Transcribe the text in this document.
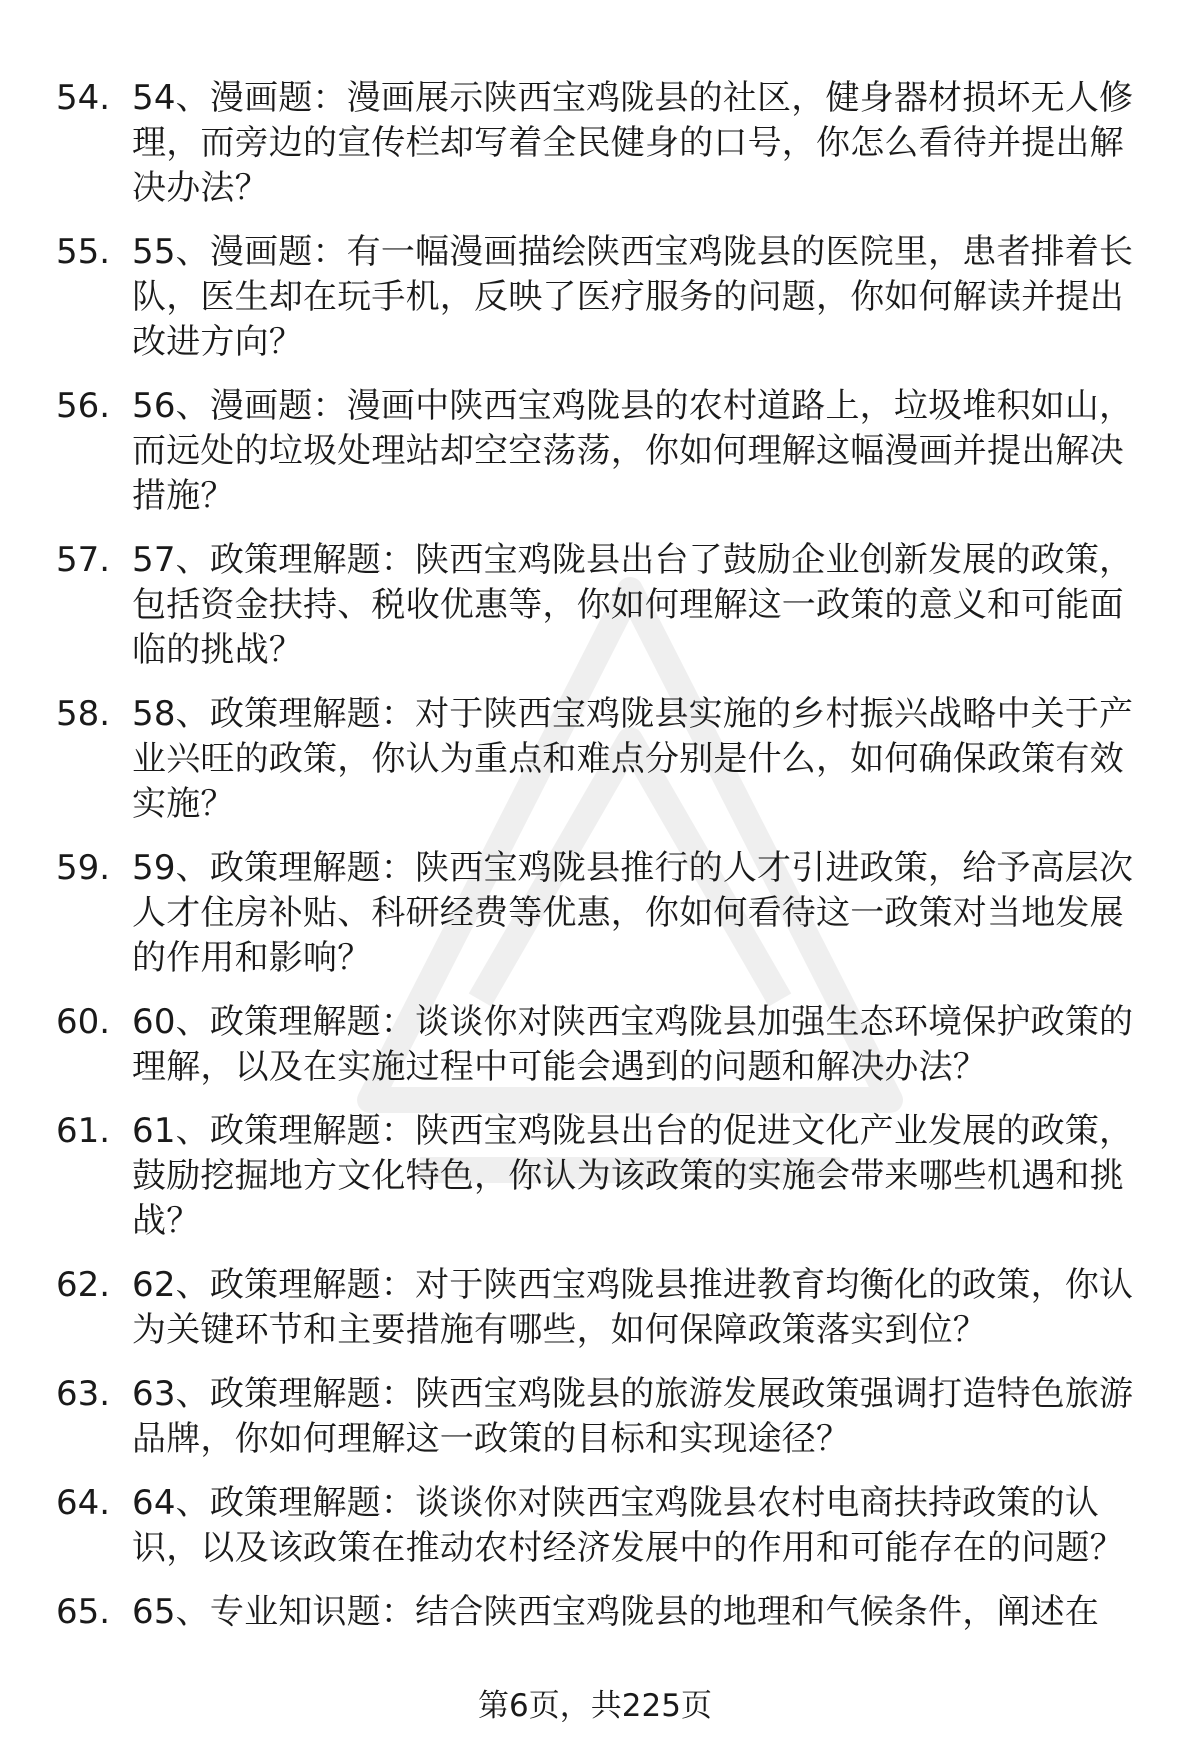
54. 54、漫画题：漫画展示陕西宝鸡陇县的社区，健身器材损坏无人修理，而旁边的宣传栏却写着全民健身的口号，你怎么看待并提出解决办法？
55. 55、漫画题：有一幅漫画描绘陕西宝鸡陇县的医院里，患者排着长队，医生却在玩手机，反映了医疗服务的问题，你如何解读并提出改进方向？
56. 56、漫画题：漫画中陕西宝鸡陇县的农村道路上，垃圾堆积如山，而远处的垃圾处理站却空空荡荡，你如何理解这幅漫画并提出解决措施？
57. 57、政策理解题：陕西宝鸡陇县出台了鼓励企业创新发展的政策，包括资金扶持、税收优惠等，你如何理解这一政策的意义和可能面临的挑战？
58. 58、政策理解题：对于陕西宝鸡陇县实施的乡村振兴战略中关于产业兴旺的政策，你认为重点和难点分别是什么，如何确保政策有效实施？
59. 59、政策理解题：陕西宝鸡陇县推行的人才引进政策，给予高层次人才住房补贴、科研经费等优惠，你如何看待这一政策对当地发展的作用和影响？
60. 60、政策理解题：谈谈你对陕西宝鸡陇县加强生态环境保护政策的理解，以及在实施过程中可能会遇到的问题和解决办法？
61. 61、政策理解题：陕西宝鸡陇县出台的促进文化产业发展的政策，鼓励挖掘地方文化特色，你认为该政策的实施会带来哪些机遇和挑战？
62. 62、政策理解题：对于陕西宝鸡陇县推进教育均衡化的政策，你认为关键环节和主要措施有哪些，如何保障政策落实到位？
63. 63、政策理解题：陕西宝鸡陇县的旅游发展政策强调打造特色旅游品牌，你如何理解这一政策的目标和实现途径？
64. 64、政策理解题：谈谈你对陕西宝鸡陇县农村电商扶持政策的认识，以及该政策在推动农村经济发展中的作用和可能存在的问题？
65. 65、专业知识题：结合陕西宝鸡陇县的地理和气候条件，阐述在
第6页，共225页
